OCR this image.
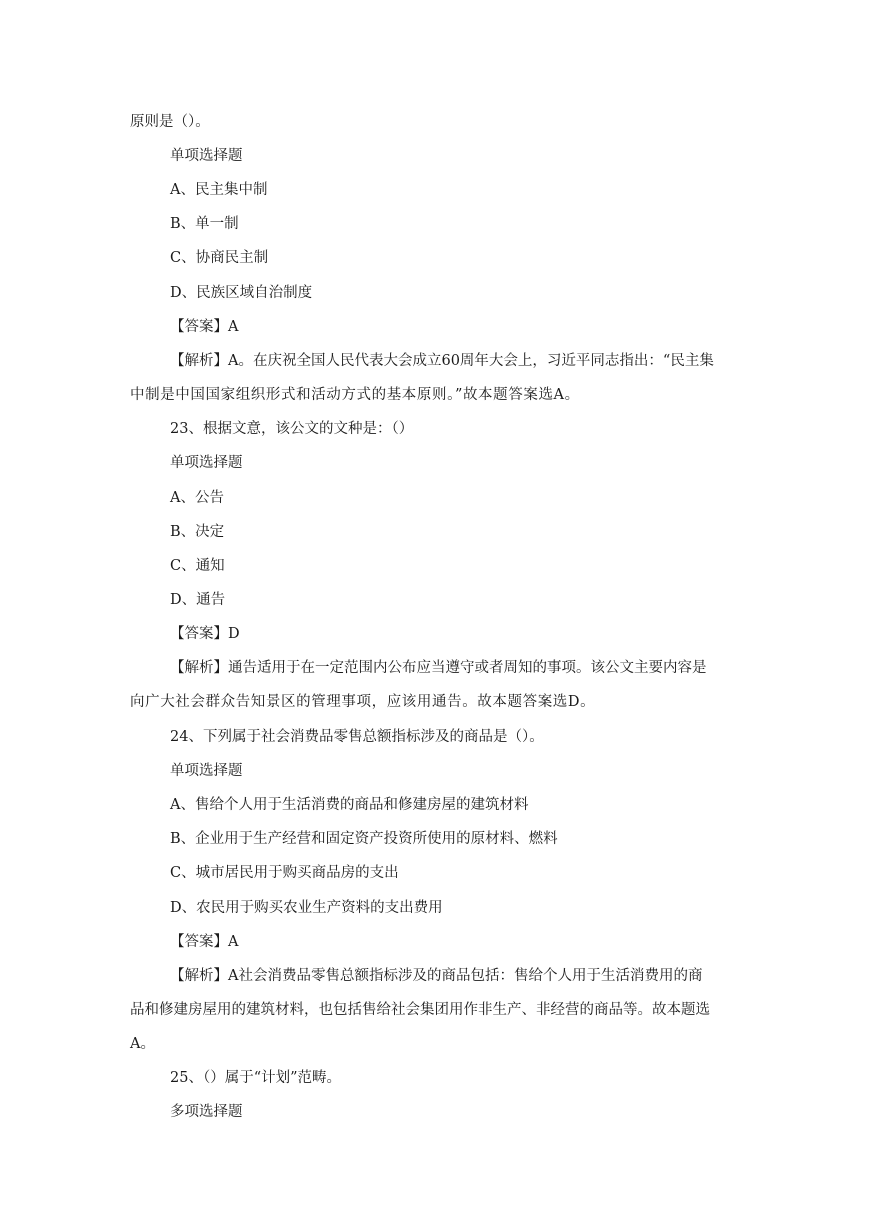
原则是（）。
单项选择题
A、民主集中制
B、单一制
C、协商民主制
D、民族区域自治制度
【答案】A
【解析】A。在庆祝全国人民代表大会成立60周年大会上，习近平同志指出：“民主集
中制是中国国家组织形式和活动方式的基本原则。”故本题答案选A。
23、根据文意，该公文的文种是：（）
单项选择题
A、公告
B、决定
C、通知
D、通告
【答案】D
【解析】通告适用于在一定范围内公布应当遵守或者周知的事项。该公文主要内容是
向广大社会群众告知景区的管理事项，应该用通告。故本题答案选D。
24、下列属于社会消费品零售总额指标涉及的商品是（）。
单项选择题
A、售给个人用于生活消费的商品和修建房屋的建筑材料
B、企业用于生产经营和固定资产投资所使用的原材料、燃料
C、城市居民用于购买商品房的支出
D、农民用于购买农业生产资料的支出费用
【答案】A
【解析】A社会消费品零售总额指标涉及的商品包括：售给个人用于生活消费用的商
品和修建房屋用的建筑材料，也包括售给社会集团用作非生产、非经营的商品等。故本题选
A。
25、（）属于“计划”范畴。
多项选择题
